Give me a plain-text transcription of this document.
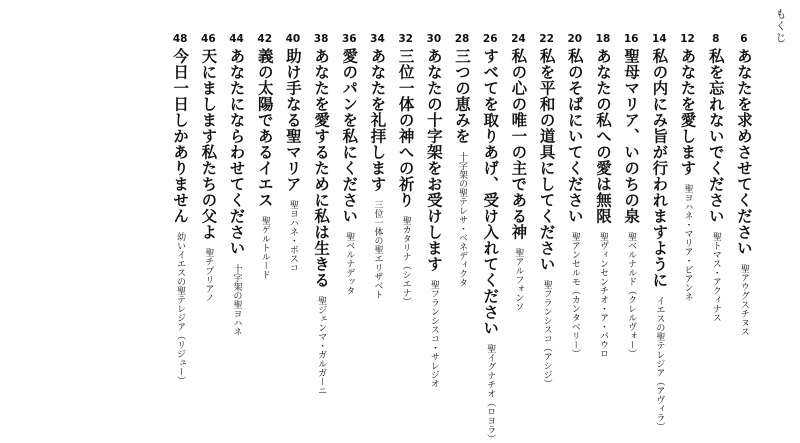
もくじ
6
あなたを求めさせてください
聖アウグスチヌス
8
私を忘れないでください
聖トマス・アクィナス
12
あなたを愛します
聖ヨハネ・マリア・ビアンネ
14
私の内にみ旨が行われますように
イエスの聖テレジア（アヴィラ）
16
聖母マリア、いのちの泉
聖ベルナルド（クレルヴォー）
18
あなたの私への愛は無限
聖ヴィンセンチオ・ア・パウロ
20
私のそばにいてください
聖アンセルモ（カンタベリー）
22
私を平和の道具にしてください
聖フランシスコ（アシジ）
24
私の心の唯一の主である神
聖アルフォンソ
26
すべてを取りあげ、受け入れてください
聖イグナチオ（ロヨラ）
28
三つの恵みを
十字架の聖テレサ・ベネディクタ
30
あなたの十字架をお受けします
聖フランシスコ・サレジオ
32
三位一体の神への祈り
聖カタリナ（シエナ）
34
あなたを礼拝します
三位一体の聖エリザベト
36
愛のパンを私にください
聖ベルナデッタ
38
あなたを愛するために私は生きる
聖ジェンマ・ガルガーニ
40
助け手なる聖マリア
聖ヨハネ・ボスコ
42
義の太陽であるイエス
聖ゲルトルード
44
あなたにならわせてください
十字架の聖ヨハネ
46
天にまします私たちの父よ
聖チプリアノ
48
今日一日しかありません
幼いイエスの聖テレジア（リジュー）
